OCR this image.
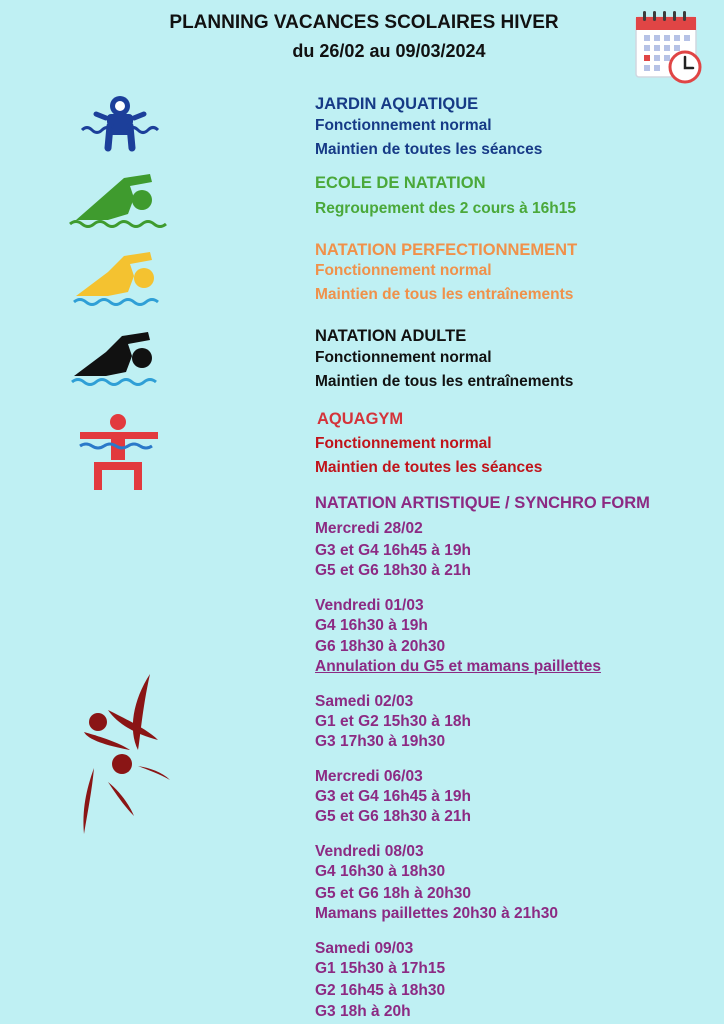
PLANNING VACANCES SCOLAIRES HIVER
du 26/02 au 09/03/2024
JARDIN AQUATIQUE
Fonctionnement normal
Maintien de toutes les séances
ECOLE DE NATATION
Regroupement des 2 cours à 16h15
NATATION PERFECTIONNEMENT
Fonctionnement normal
Maintien de tous les entraînements
NATATION ADULTE
Fonctionnement normal
Maintien de tous les entraînements
AQUAGYM
Fonctionnement normal
Maintien de toutes les séances
NATATION ARTISTIQUE / SYNCHRO FORM
Mercredi 28/02
G3 et G4 16h45 à 19h
G5 et G6 18h30 à 21h
Vendredi 01/03
G4 16h30 à 19h
G6 18h30 à 20h30
Annulation du G5 et mamans paillettes
Samedi 02/03
G1 et G2 15h30 à 18h
G3 17h30 à 19h30
Mercredi 06/03
G3 et G4 16h45 à 19h
G5 et G6 18h30 à 21h
Vendredi 08/03
G4 16h30 à 18h30
G5 et G6 18h à 20h30
Mamans paillettes 20h30 à 21h30
Samedi 09/03
G1 15h30 à 17h15
G2 16h45 à 18h30
G3 18h à 20h
